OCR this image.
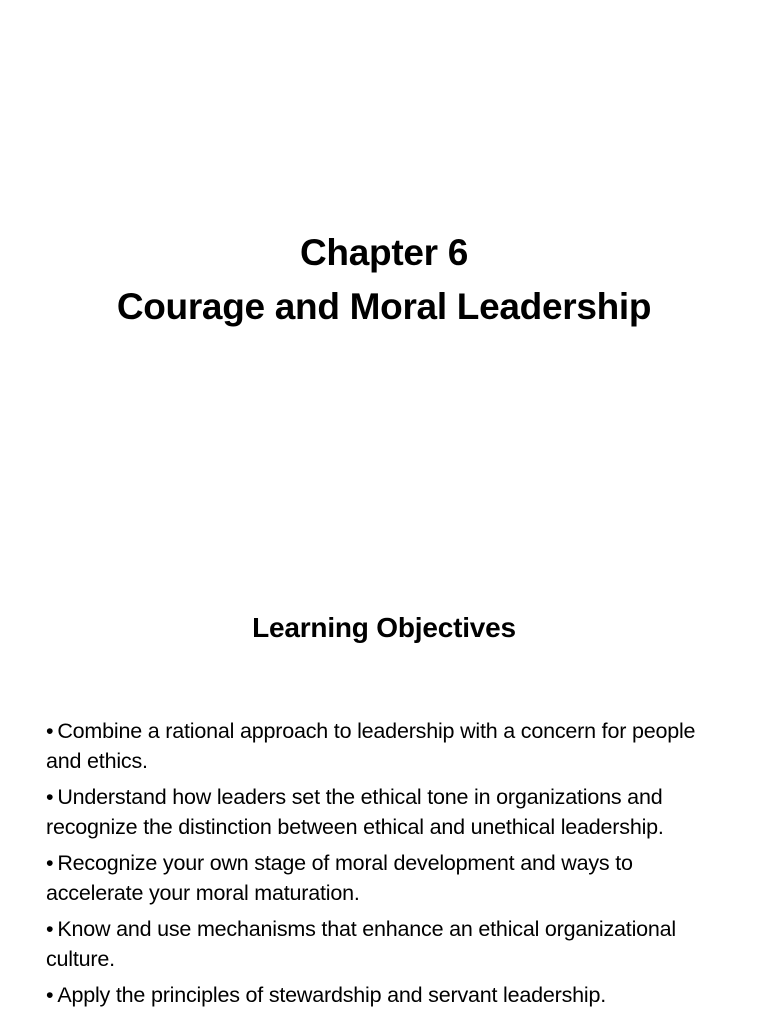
Chapter 6
Courage and Moral Leadership
Learning Objectives
• Combine a rational approach to leadership with a concern for people and ethics.
• Understand how leaders set the ethical tone in organizations and recognize the distinction between ethical and unethical leadership.
• Recognize your own stage of moral development and ways to accelerate your moral maturation.
• Know and use mechanisms that enhance an ethical organizational culture.
• Apply the principles of stewardship and servant leadership.
